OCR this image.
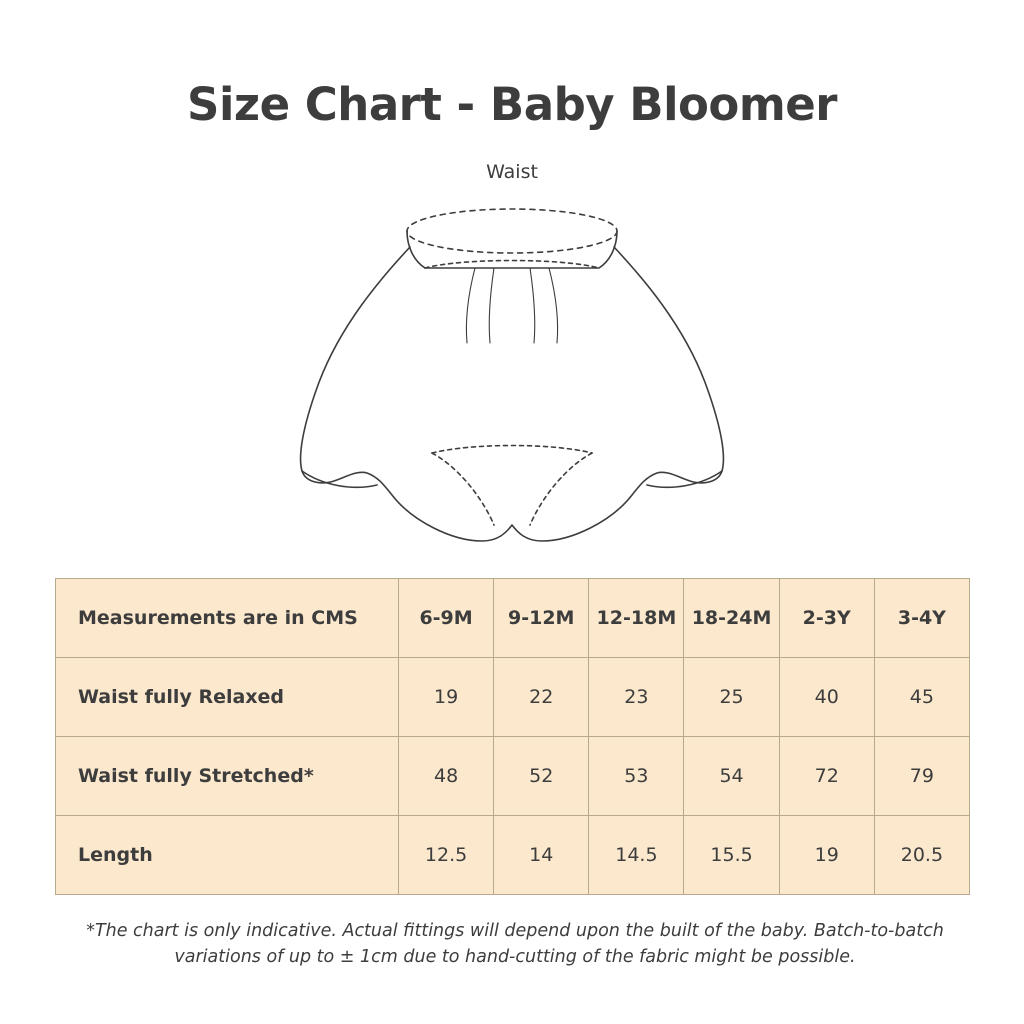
Size Chart - Baby Bloomer
Waist
Measurements are in CMS	6-9M	9-12M	12-18M	18-24M	2-3Y	3-4Y
Waist fully Relaxed	19	22	23	25	40	45
Waist fully Stretched*	48	52	53	54	72	79
Length	12.5	14	14.5	15.5	19	20.5
*The chart is only indicative. Actual fittings will depend upon the built of the baby. Batch-to-batch variations of up to ± 1cm due to hand-cutting of the fabric might be possible.
